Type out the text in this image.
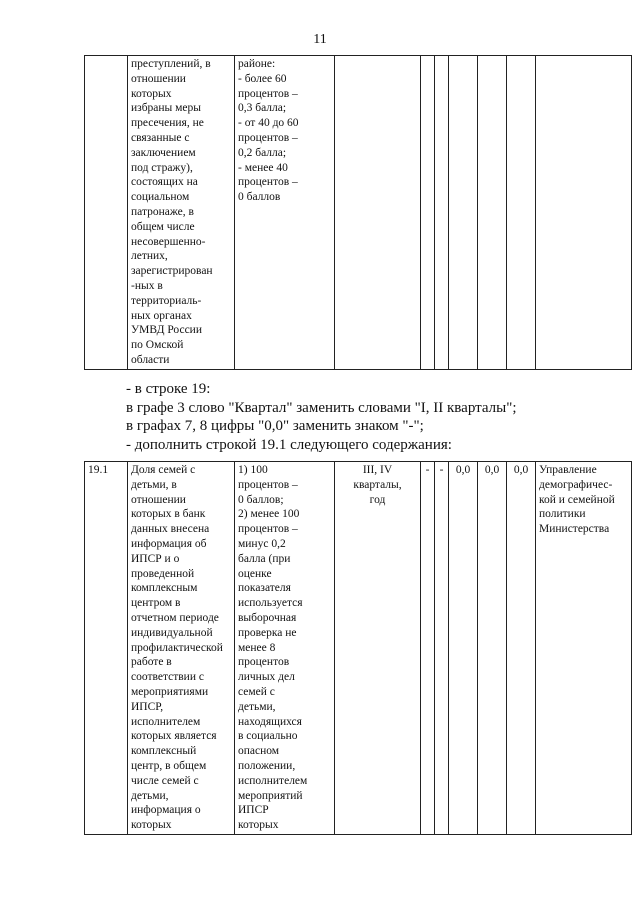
11
	преступлений, в
отношении
которых
избраны меры
пресечения, не
связанные с
заключением
под стражу),
состоящих на
социальном
патронаже, в
общем числе
несовершенно-
летних,
зарегистрирован
-ных в
территориаль-
ных органах
УМВД России
по Омской
области	районе:
- более 60
процентов –
0,3 балла;
- от 40 до 60
процентов –
0,2 балла;
- менее 40
процентов –
0 баллов							
- в строке 19:
в графе 3 слово "Квартал" заменить словами "I, II кварталы";
в графах 7, 8 цифры "0,0" заменить знаком "-";
- дополнить строкой 19.1 следующего содержания:
19.1	Доля семей с
детьми, в
отношении
которых в банк
данных внесена
информация об
ИПСР и о
проведенной
комплексным
центром в
отчетном периоде
индивидуальной
профилактической
работе в
соответствии с
мероприятиями
ИПСР,
исполнителем
которых является
комплексный
центр, в общем
числе семей с
детьми,
информация о
которых	1) 100
процентов –
0 баллов;
2) менее 100
процентов –
минус 0,2
балла (при
оценке
показателя
используется
выборочная
проверка не
менее 8
процентов
личных дел
семей с
детьми,
находящихся
в социально
опасном
положении,
исполнителем
мероприятий
ИПСР
которых	III, IV
кварталы,
год	-	-	0,0	0,0	0,0	Управление
демографичес-
кой и семейной
политики
Министерства
